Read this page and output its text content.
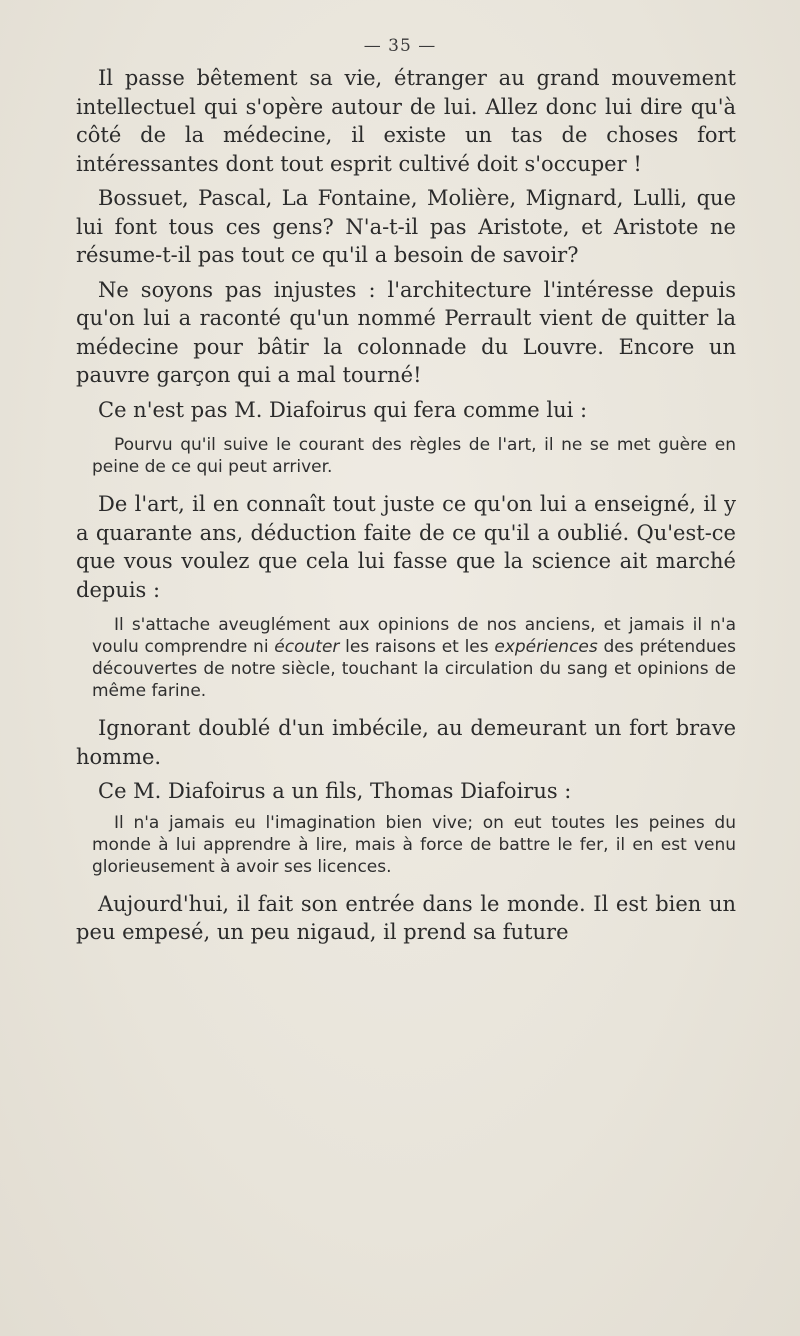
— 35 —

Il passe bêtement sa vie, étranger au grand mouvement intellectuel qui s'opère autour de lui. Allez donc lui dire qu'à côté de la médecine, il existe un tas de choses fort intéressantes dont tout esprit cultivé doit s'occuper !

Bossuet, Pascal, La Fontaine, Molière, Mignard, Lulli, que lui font tous ces gens? N'a-t-il pas Aristote, et Aristote ne résume-t-il pas tout ce qu'il a besoin de savoir?

Ne soyons pas injustes : l'architecture l'intéresse depuis qu'on lui a raconté qu'un nommé Perrault vient de quitter la médecine pour bâtir la colonnade du Louvre. Encore un pauvre garçon qui a mal tourné!

Ce n'est pas M. Diafoirus qui fera comme lui :

Pourvu qu'il suive le courant des règles de l'art, il ne se met guère en peine de ce qui peut arriver.

De l'art, il en connaît tout juste ce qu'on lui a enseigné, il y a quarante ans, déduction faite de ce qu'il a oublié. Qu'est-ce que vous voulez que cela lui fasse que la science ait marché depuis :

Il s'attache aveuglément aux opinions de nos anciens, et jamais il n'a voulu comprendre ni écouter les raisons et les expériences des prétendues découvertes de notre siècle, touchant la circulation du sang et opinions de même farine.

Ignorant doublé d'un imbécile, au demeurant un fort brave homme.

Ce M. Diafoirus a un fils, Thomas Diafoirus :

Il n'a jamais eu l'imagination bien vive; on eut toutes les peines du monde à lui apprendre à lire, mais à force de battre le fer, il en est venu glorieusement à avoir ses licences.

Aujourd'hui, il fait son entrée dans le monde. Il est bien un peu empesé, un peu nigaud, il prend sa future
